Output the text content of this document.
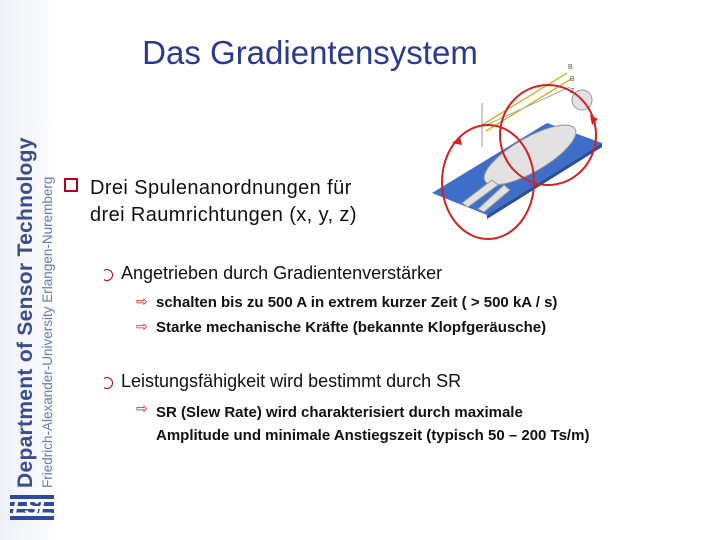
Department of Sensor Technology Friedrich-Alexander-University Erlangen-Nuremberg
LSE
Das Gradientensystem	B
B
Z
Drei Spulenanordnungen für
drei Raumrichtungen (x, y, z)
Angetrieben durch Gradientenverstärker
⇨ schalten bis zu 500 A in extrem kurzer Zeit ( > 500 kA / s)
⇨ Starke mechanische Kräfte (bekannte Klopfgeräusche)
Leistungsfähigkeit wird bestimmt durch SR
⇨ SR (Slew Rate) wird charakterisiert durch maximale
Amplitude und minimale Anstiegszeit (typisch 50 – 200 Ts/m)
